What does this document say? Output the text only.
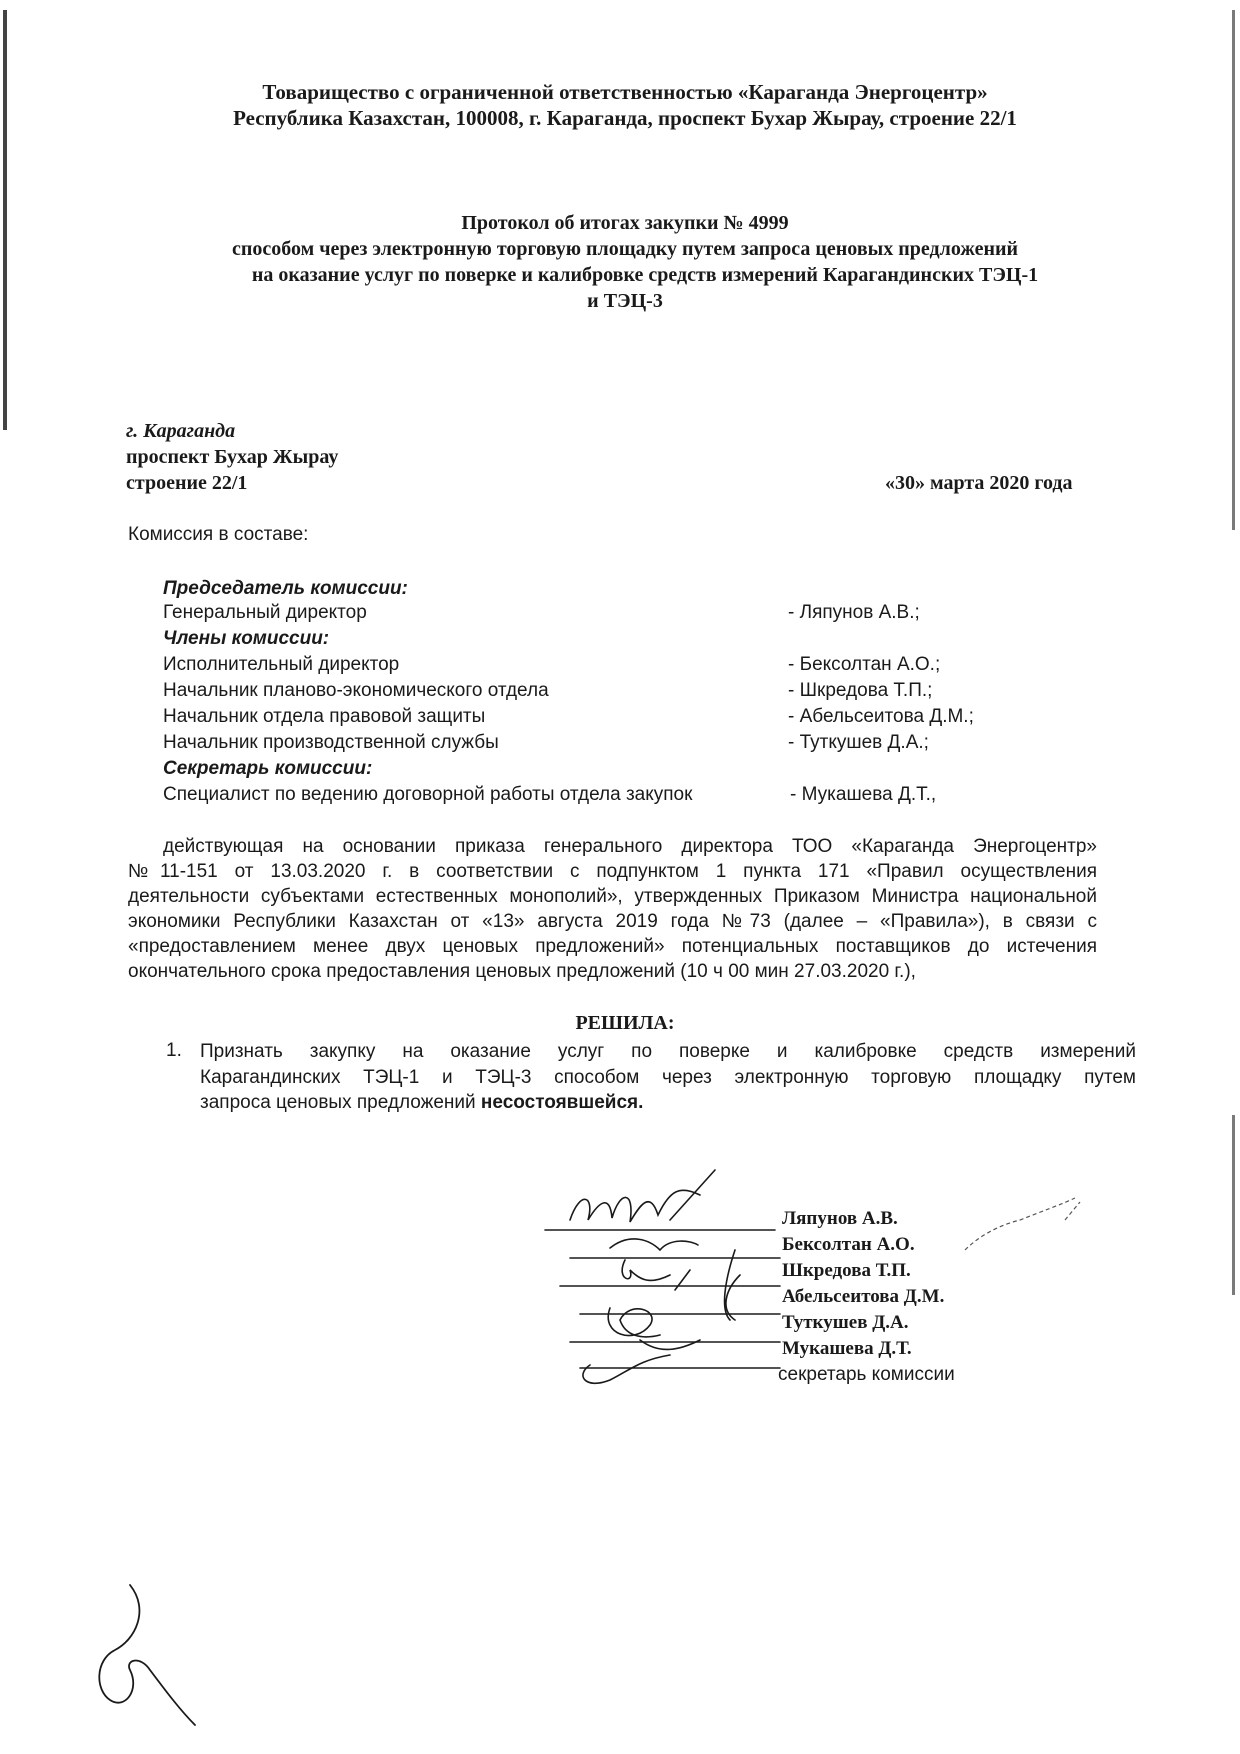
Товарищество с ограниченной ответственностью «Караганда Энергоцентр»
Республика Казахстан, 100008, г. Караганда, проспект Бухар Жырау, строение 22/1
Протокол об итогах закупки № 4999
способом через электронную торговую площадку путем запроса ценовых предложений
на оказание услуг по поверке и калибровке средств измерений Карагандинских ТЭЦ-1
и ТЭЦ-3
г. Караганда
проспект Бухар Жырау
строение 22/1	«30» марта 2020 года
Комиссия в составе:
Председатель комиссии:
Генеральный директор	- Ляпунов А.В.;
Члены комиссии:
Исполнительный директор	- Бексолтан А.О.;
Начальник планово-экономического отдела	- Шкредова Т.П.;
Начальник отдела правовой защиты	- Абельсеитова Д.М.;
Начальник производственной службы	- Туткушев Д.А.;
Секретарь комиссии:
Специалист по ведению договорной работы отдела закупок	- Мукашева Д.Т.,
действующая на основании приказа генерального директора ТОО «Караганда Энергоцентр»
№11-151 от 13.03.2020 г. в соответствии с подпунктом 1 пункта 171 «Правил осуществления
деятельности субъектами естественных монополий», утвержденных Приказом Министра национальной
экономики Республики Казахстан от «13» августа 2019 года №73 (далее – «Правила»), в связи с
«предоставлением менее двух ценовых предложений» потенциальных поставщиков до истечения
окончательного срока предоставления ценовых предложений (10 ч 00 мин 27.03.2020 г.),
РЕШИЛА:
1. Признать закупку на оказание услуг по поверке и калибровке средств измерений
Карагандинских ТЭЦ-1 и ТЭЦ-3 способом через электронную торговую площадку путем
запроса ценовых предложений несостоявшейся.
Ляпунов А.В.
Бексолтан А.О.
Шкредова Т.П.
Абельсеитова Д.М.
Туткушев Д.А.
Мукашева Д.Т.
секретарь комиссии
